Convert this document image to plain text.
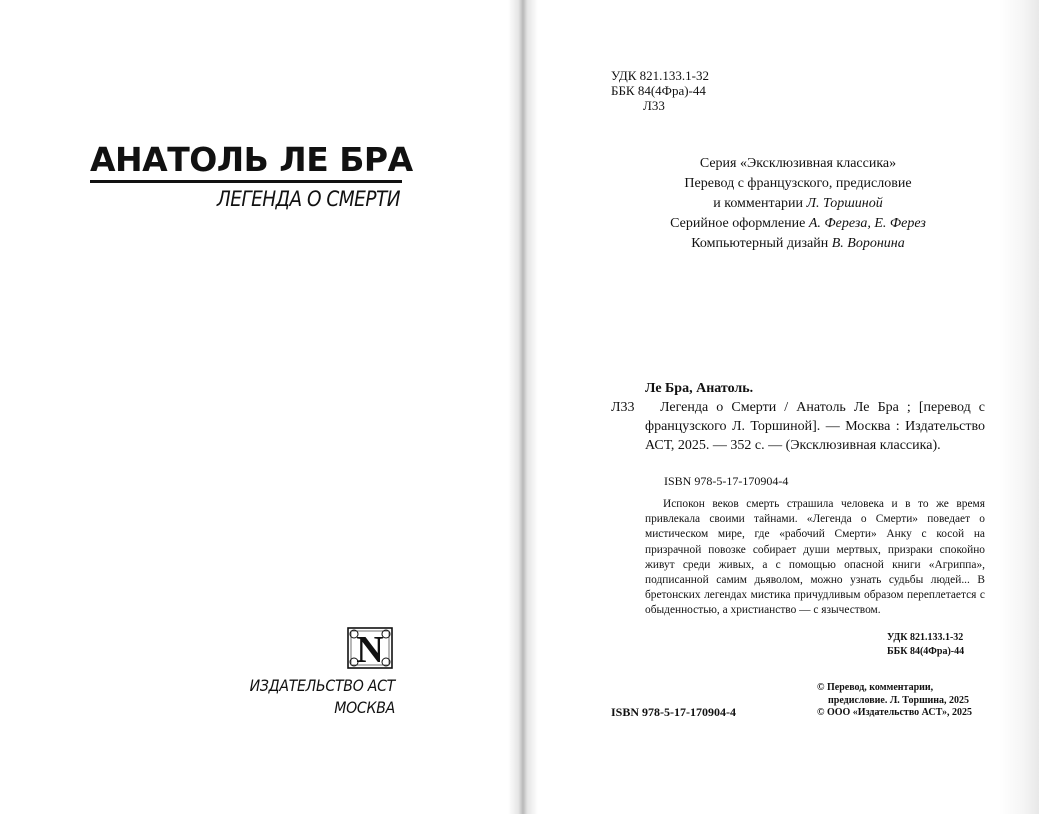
АНАТОЛЬ ЛЕ БРА
ЛЕГЕНДА О СМЕРТИ
N
ИЗДАТЕЛЬСТВО АСТ
МОСКВА
УДК 821.133.1-32
ББК 84(4Фра)-44
Л33
Серия «Эксклюзивная классика»
Перевод с французского, предисловие
и комментарии Л. Торшиной
Серийное оформление А. Фереза, Е. Ферез
Компьютерный дизайн В. Воронина
Ле Бра, Анатоль.
Л33	Легенда о Смерти / Анатоль Ле Бра ; [перевод с французского Л. Торшиной]. — Москва : Издательство АСТ, 2025. — 352 с. — (Эксклюзивная классика).
ISBN 978-5-17-170904-4
Испокон веков смерть страшила человека и в то же время привлекала своими тайнами. «Легенда о Смерти» поведает о мистическом мире, где «рабочий Смерти» Анку с косой на призрачной повозке собирает души мертвых, призраки спокойно живут среди живых, а с помощью опасной книги «Агриппа», подписанной самим дьяволом, можно узнать судьбы людей... В бретонских легендах мистика причудливым образом переплетается с обыденностью, а христианство — с язычеством.
УДК 821.133.1-32
ББК 84(4Фра)-44
ISBN 978-5-17-170904-4
© Перевод, комментарии,
предисловие. Л. Торшина, 2025
© ООО «Издательство АСТ», 2025
